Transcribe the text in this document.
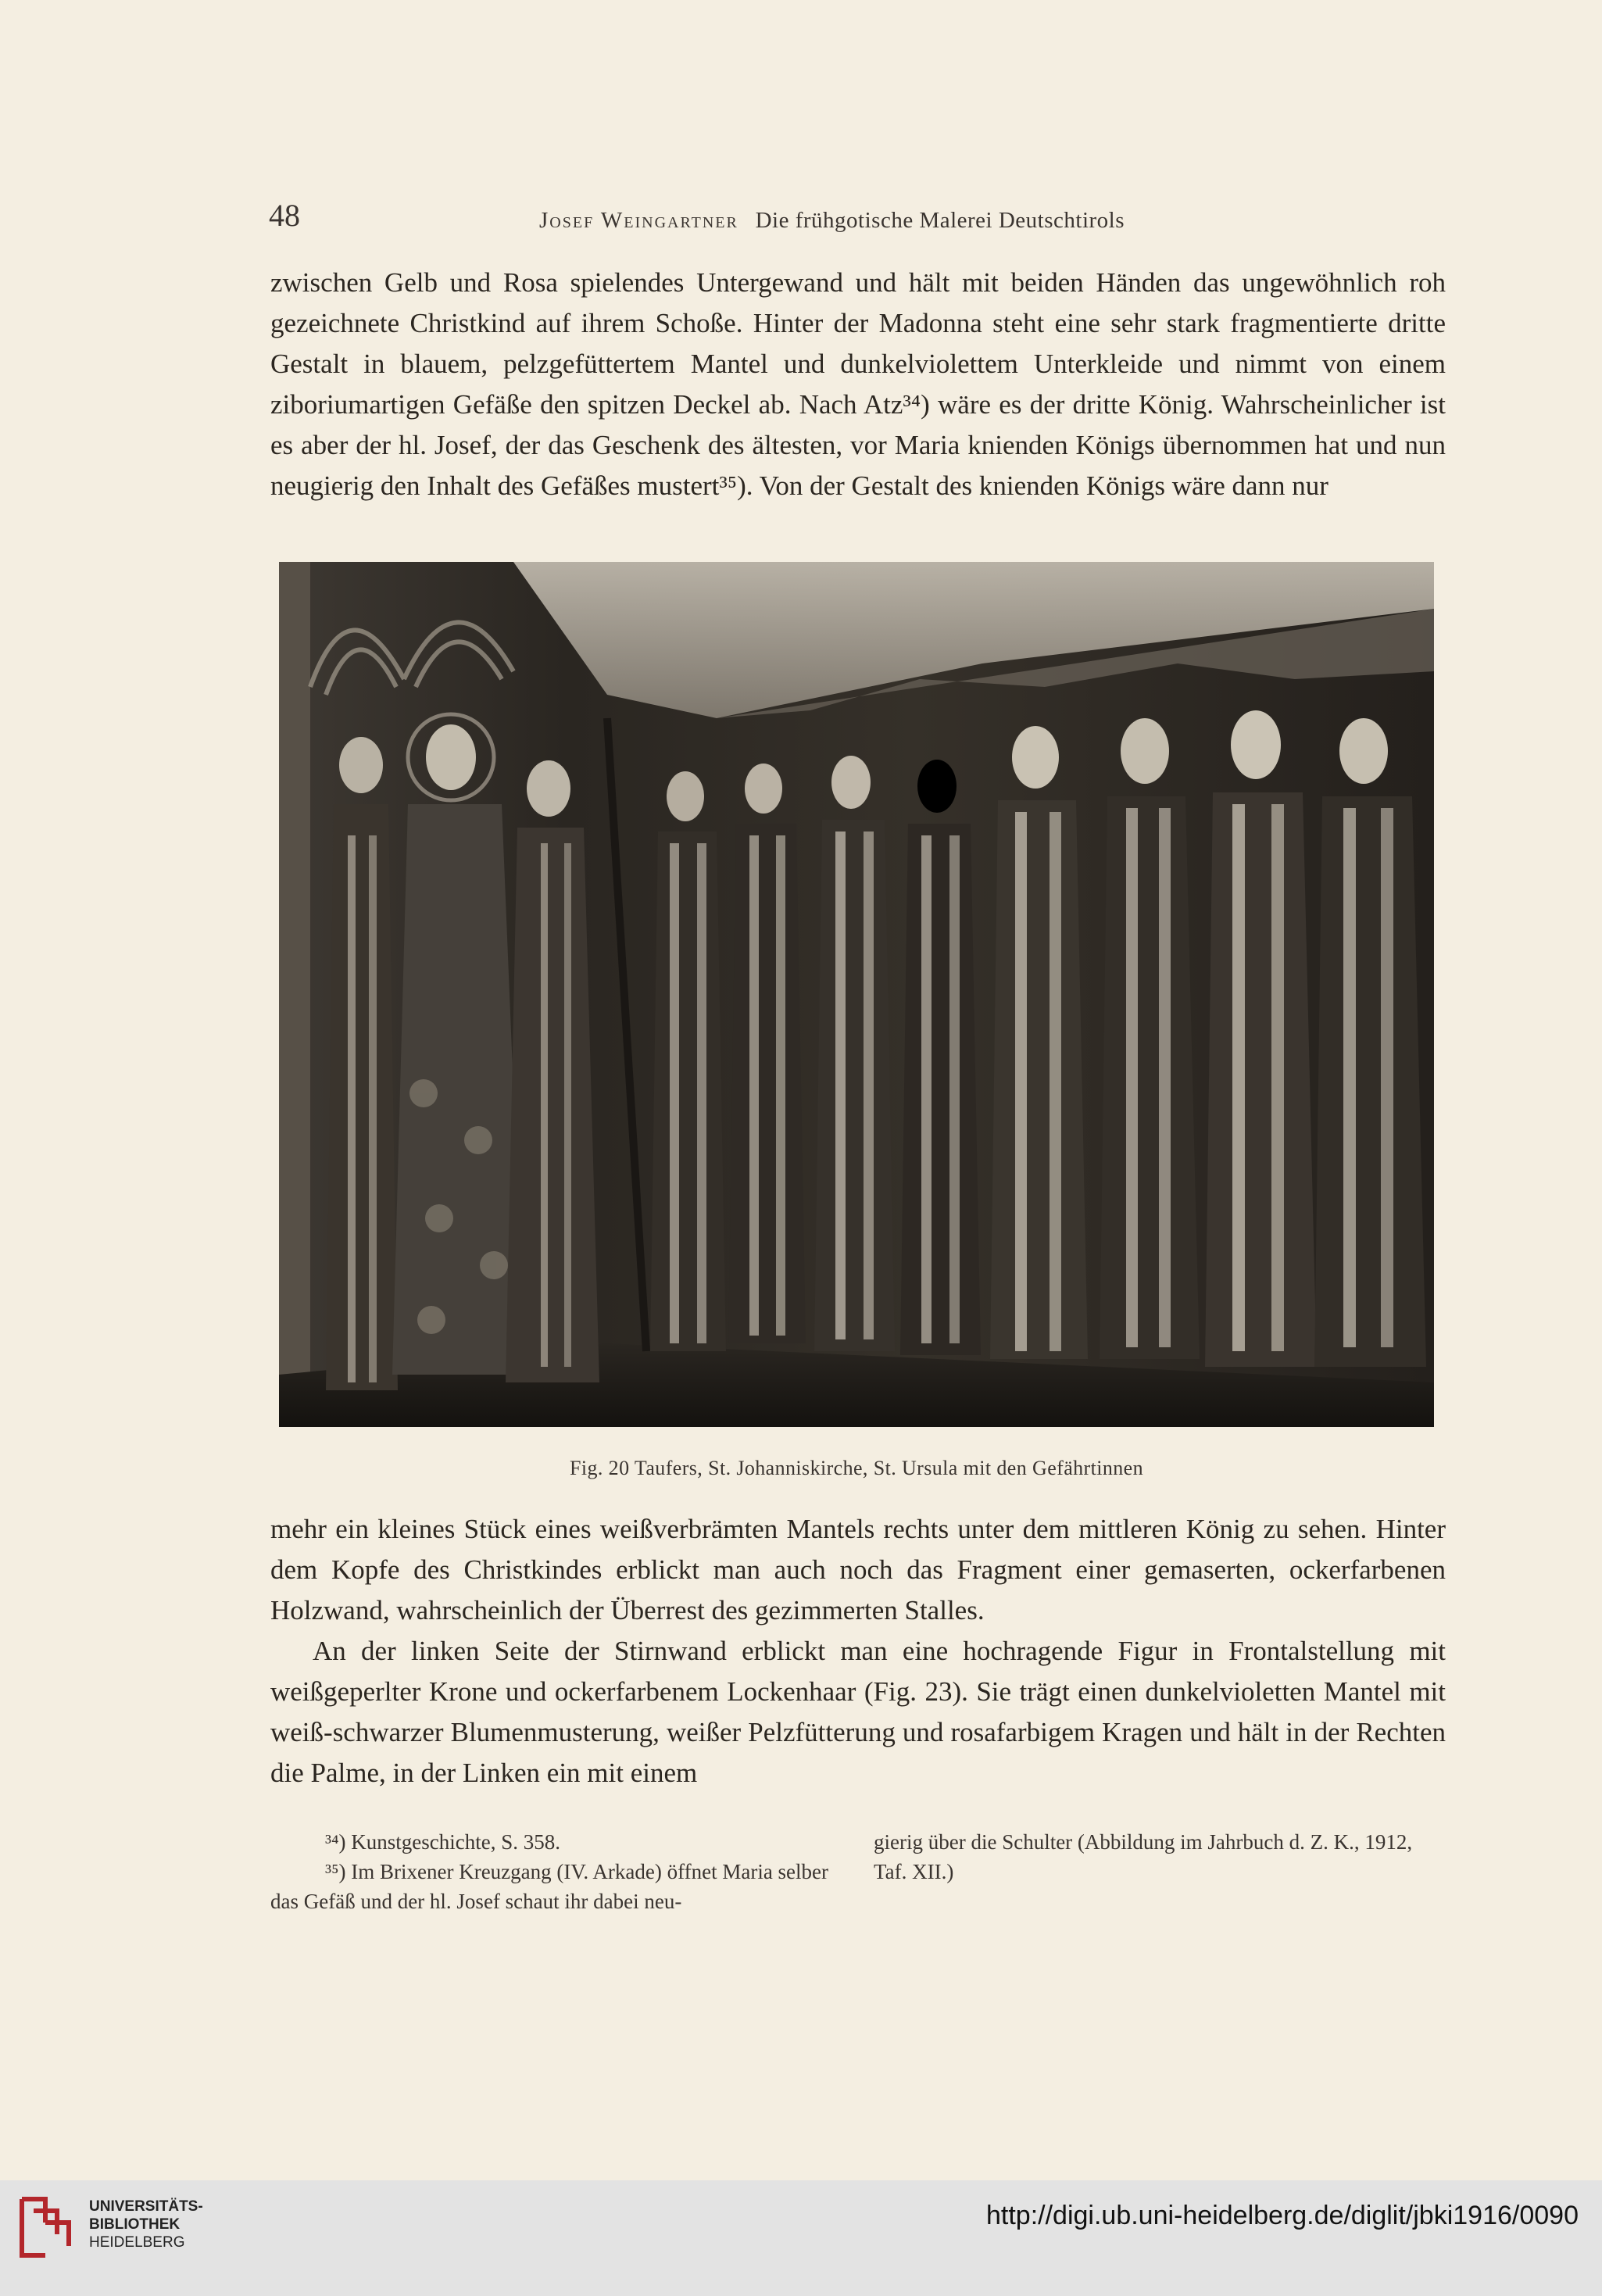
48	Josef Weingartner Die frühgotische Malerei Deutschtirols

zwischen Gelb und Rosa spielendes Untergewand und hält mit beiden Händen das ungewöhnlich roh gezeichnete Christkind auf ihrem Schoße. Hinter der Madonna steht eine sehr stark fragmentierte dritte Gestalt in blauem, pelzgefüttertem Mantel und dunkelviolettem Unterkleide und nimmt von einem ziboriumartigen Gefäße den spitzen Deckel ab. Nach Atz³⁴) wäre es der dritte König. Wahrscheinlicher ist es aber der hl. Josef, der das Geschenk des ältesten, vor Maria knienden Königs übernommen hat und nun neugierig den Inhalt des Gefäßes mustert³⁵). Von der Gestalt des knienden Königs wäre dann nur

Fig. 20 Taufers, St. Johanniskirche, St. Ursula mit den Gefährtinnen

mehr ein kleines Stück eines weißverbrämten Mantels rechts unter dem mittleren König zu sehen. Hinter dem Kopfe des Christkindes erblickt man auch noch das Fragment einer gemaserten, ockerfarbenen Holzwand, wahrscheinlich der Überrest des gezimmerten Stalles.

An der linken Seite der Stirnwand erblickt man eine hochragende Figur in Frontalstellung mit weißgeperlter Krone und ockerfarbenem Lockenhaar (Fig. 23). Sie trägt einen dunkelvioletten Mantel mit weiß-schwarzer Blumenmusterung, weißer Pelzfütterung und rosafarbigem Kragen und hält in der Rechten die Palme, in der Linken ein mit einem

³⁴) Kunstgeschichte, S. 358.

³⁵) Im Brixener Kreuzgang (IV. Arkade) öffnet Maria selber das Gefäß und der hl. Josef schaut ihr dabei neu-

gierig über die Schulter (Abbildung im Jahrbuch d. Z. K., 1912, Taf. XII.)

UNIVERSITÄTS-
BIBLIOTHEK
HEIDELBERG
http://digi.ub.uni-heidelberg.de/diglit/jbki1916/0090
